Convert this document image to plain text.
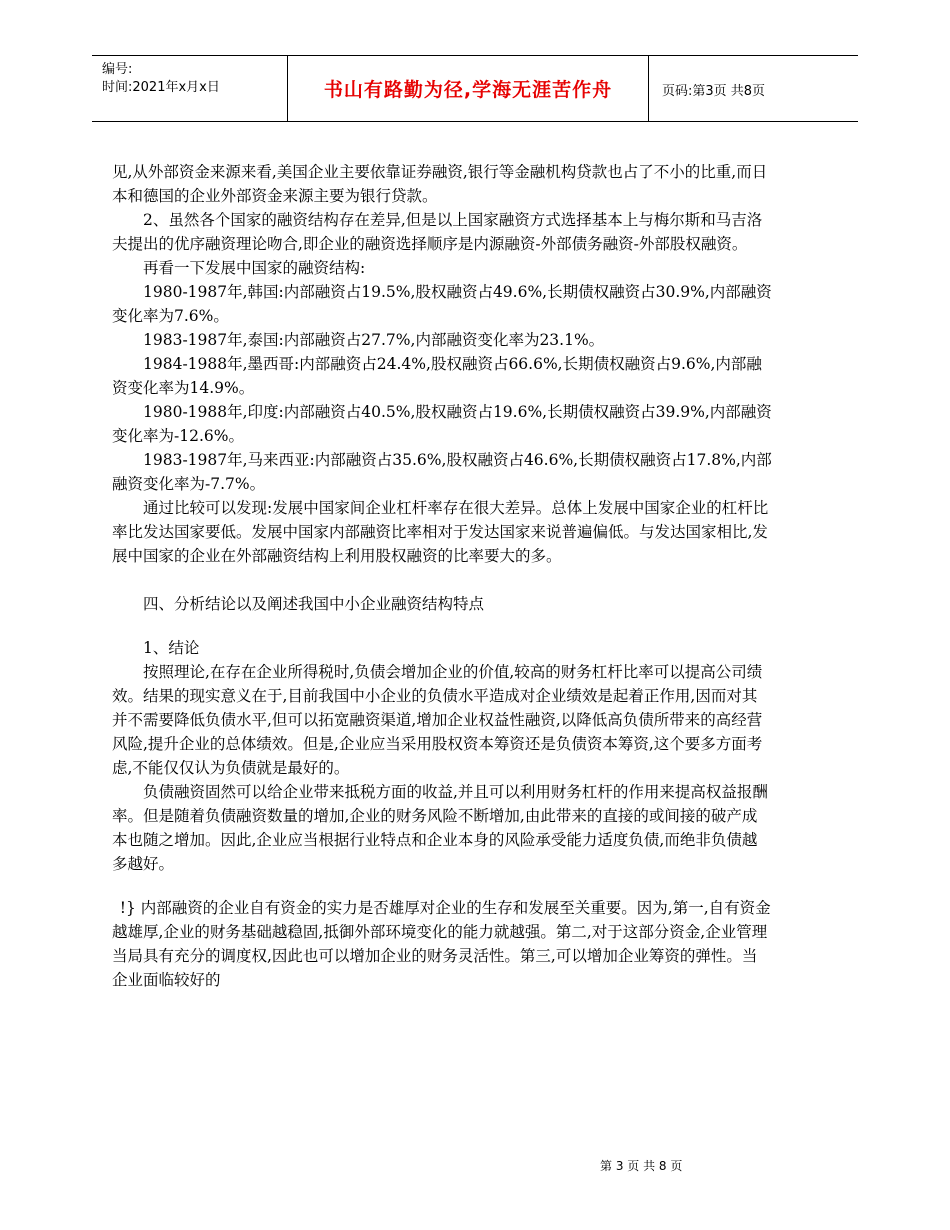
编号:
时间:2021年x月x日	书山有路勤为径,学海无涯苦作舟	页码:第3页 共8页

见,从外部资金来源来看,美国企业主要依靠证券融资,银行等金融机构贷款也占了不小的比重,而日本和德国的企业外部资金来源主要为银行贷款。

2、虽然各个国家的融资结构存在差异,但是以上国家融资方式选择基本上与梅尔斯和马吉洛夫提出的优序融资理论吻合,即企业的融资选择顺序是内源融资-外部债务融资-外部股权融资。

再看一下发展中国家的融资结构:

1980-1987年,韩国:内部融资占19.5%,股权融资占49.6%,长期债权融资占30.9%,内部融资变化率为7.6%。

1983-1987年,泰国:内部融资占27.7%,内部融资变化率为23.1%。

1984-1988年,墨西哥:内部融资占24.4%,股权融资占66.6%,长期债权融资占9.6%,内部融资变化率为14.9%。

1980-1988年,印度:内部融资占40.5%,股权融资占19.6%,长期债权融资占39.9%,内部融资变化率为-12.6%。

1983-1987年,马来西亚:内部融资占35.6%,股权融资占46.6%,长期债权融资占17.8%,内部融资变化率为-7.7%。

通过比较可以发现:发展中国家间企业杠杆率存在很大差异。总体上发展中国家企业的杠杆比率比发达国家要低。发展中国家内部融资比率相对于发达国家来说普遍偏低。与发达国家相比,发展中国家的企业在外部融资结构上利用股权融资的比率要大的多。

四、分析结论以及阐述我国中小企业融资结构特点

1、结论

按照理论,在存在企业所得税时,负债会增加企业的价值,较高的财务杠杆比率可以提高公司绩效。结果的现实意义在于,目前我国中小企业的负债水平造成对企业绩效是起着正作用,因而对其并不需要降低负债水平,但可以拓宽融资渠道,增加企业权益性融资,以降低高负债所带来的高经营风险,提升企业的总体绩效。但是,企业应当采用股权资本筹资还是负债资本筹资,这个要多方面考虑,不能仅仅认为负债就是最好的。

负债融资固然可以给企业带来抵税方面的收益,并且可以利用财务杠杆的作用来提高权益报酬率。但是随着负债融资数量的增加,企业的财务风险不断增加,由此带来的直接的或间接的破产成本也随之增加。因此,企业应当根据行业特点和企业本身的风险承受能力适度负债,而绝非负债越多越好。

!} 内部融资的企业自有资金的实力是否雄厚对企业的生存和发展至关重要。因为,第一,自有资金越雄厚,企业的财务基础越稳固,抵御外部环境变化的能力就越强。第二,对于这部分资金,企业管理当局具有充分的调度权,因此也可以增加企业的财务灵活性。第三,可以增加企业筹资的弹性。当企业面临较好的

第 3 页 共 8 页
